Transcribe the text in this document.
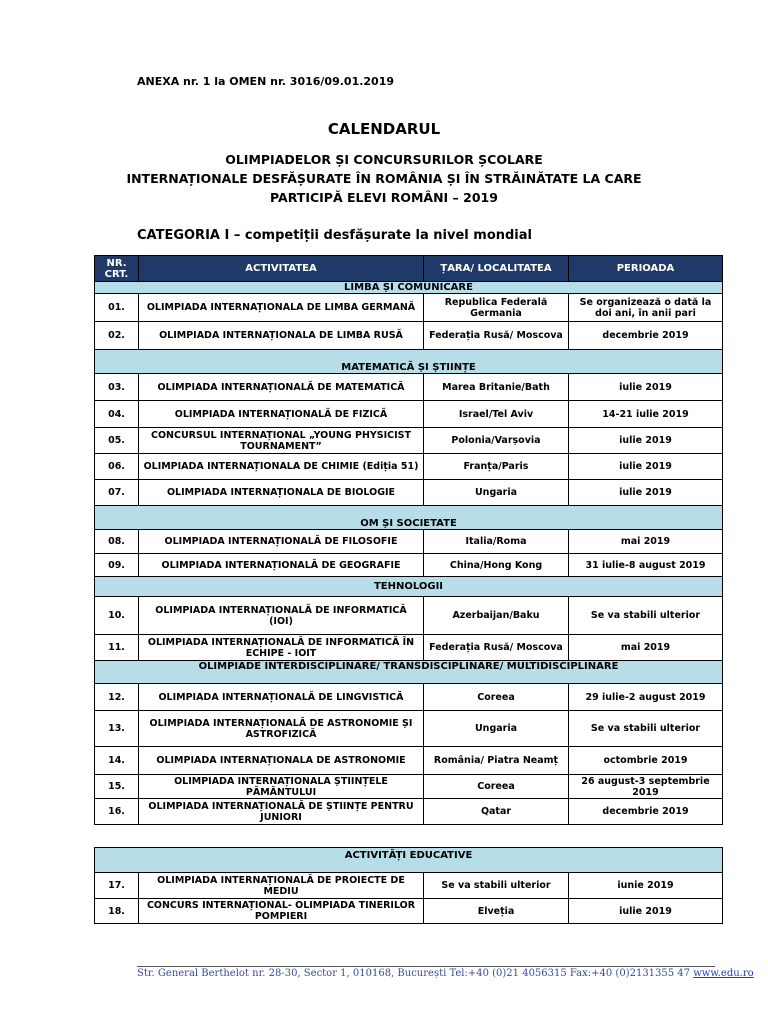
ANEXA nr. 1 la OMEN nr. 3016/09.01.2019
CALENDARUL
OLIMPIADELOR ȘI CONCURSURILOR ȘCOLARE
INTERNAȚIONALE DESFĂȘURATE ÎN ROMÂNIA ȘI ÎN STRĂINĂTATE LA CARE
PARTICIPĂ ELEVI ROMÂNI – 2019
CATEGORIA I – competiții desfășurate la nivel mondial
NR. CRT.	ACTIVITATEA	ȚARA/ LOCALITATEA	PERIOADA
LIMBA ȘI COMUNICARE			
01.	OLIMPIADA INTERNAȚIONALA DE LIMBA GERMANĂ	Republica Federală Germania	Se organizează o dată la doi ani, în anii pari
02.	OLIMPIADA INTERNAȚIONALA DE LIMBA RUSĂ	Federația Rusă/ Moscova	decembrie 2019
MATEMATICĂ ȘI ȘTIINȚE			
03.	OLIMPIADA INTERNAȚIONALĂ DE MATEMATICĂ	Marea Britanie/Bath	iulie 2019
04.	OLIMPIADA INTERNAȚIONALĂ DE FIZICĂ	Israel/Tel Aviv	14-21 iulie 2019
05.	CONCURSUL INTERNAȚIONAL „YOUNG PHYSICIST TOURNAMENT”	Polonia/Varșovia	iulie 2019
06.	OLIMPIADA INTERNAȚIONALA DE CHIMIE (Ediția 51)	Franța/Paris	iulie 2019
07.	OLIMPIADA INTERNAȚIONALA DE BIOLOGIE	Ungaria	iulie 2019
OM ȘI SOCIETATE			
08.	OLIMPIADA INTERNAȚIONALĂ DE FILOSOFIE	Italia/Roma	mai 2019
09.	OLIMPIADA INTERNAȚIONALĂ DE GEOGRAFIE	China/Hong Kong	31 iulie-8 august 2019
TEHNOLOGII			
10.	OLIMPIADA INTERNAȚIONALĂ DE INFORMATICĂ (IOI)	Azerbaijan/Baku	Se va stabili ulterior
11.	OLIMPIADA INTERNAȚIONALĂ DE INFORMATICĂ ÎN ECHIPE - IOIT	Federația Rusă/ Moscova	mai 2019
OLIMPIADE INTERDISCIPLINARE/ TRANSDISCIPLINARE/ MULTIDISCIPLINARE			
12.	OLIMPIADA INTERNAȚIONALĂ DE LINGVISTICĂ	Coreea	29 iulie-2 august 2019
13.	OLIMPIADA INTERNAȚIONALĂ DE ASTRONOMIE ȘI ASTROFIZICĂ	Ungaria	Se va stabili ulterior
14.	OLIMPIADA INTERNAȚIONALA DE ASTRONOMIE	România/ Piatra Neamț	octombrie 2019
15.	OLIMPIADA INTERNAȚIONALA ȘTIINȚELE PĂMÂNTULUI	Coreea	26 august-3 septembrie 2019
16.	OLIMPIADA INTERNAȚIONALĂ DE ȘTIINȚE PENTRU JUNIORI	Qatar	decembrie 2019
ACTIVITĂȚI EDUCATIVE			
17.	OLIMPIADA INTERNAȚIONALĂ DE PROIECTE DE MEDIU	Se va stabili ulterior	iunie 2019
18.	CONCURS INTERNAȚIONAL- OLIMPIADA TINERILOR POMPIERI	Elveția	iulie 2019
Str. General Berthelot nr. 28-30, Sector 1, 010168, București Tel:+40 (0)21 4056315 Fax:+40 (0)2131355 47 www.edu.ro
